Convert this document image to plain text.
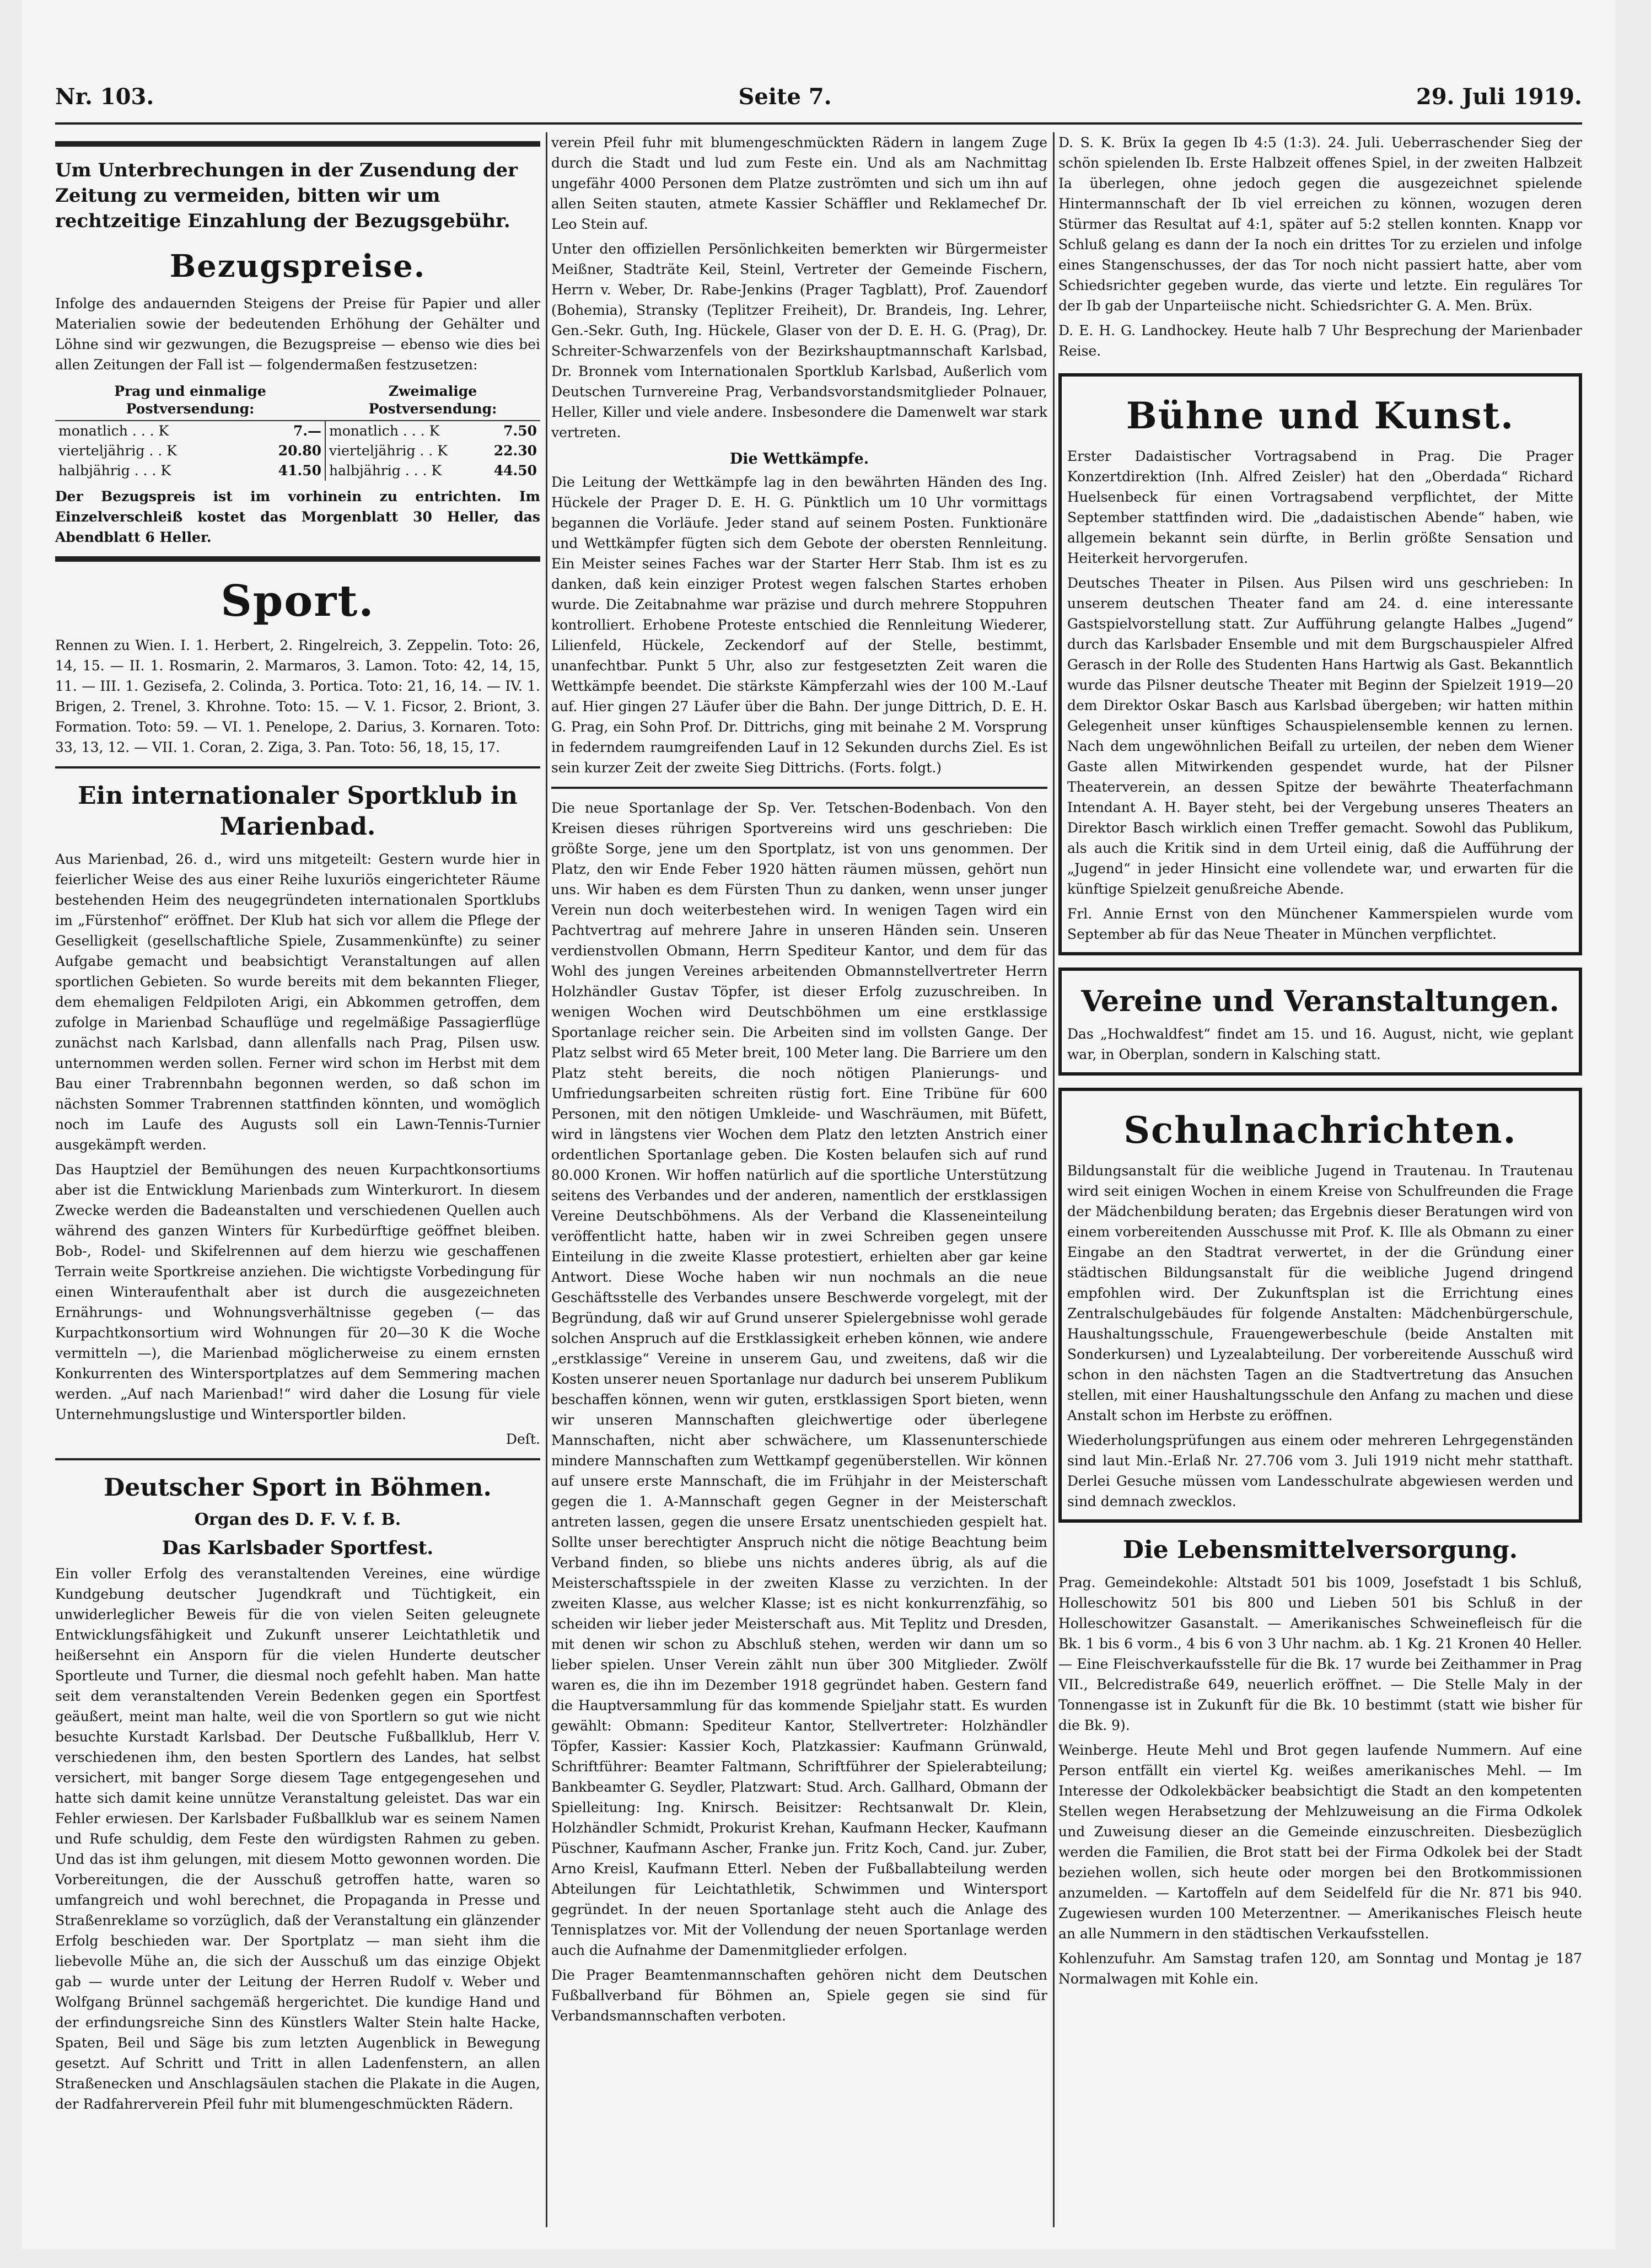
Nr. 103.	Seite 7.	29. Juli 1919.
Um Unterbrechungen in der Zusendung der Zeitung zu vermeiden, bitten wir um rechtzeitige Einzahlung der Bezugsgebühr.
Bezugspreise.

Infolge des andauernden Steigens der Preise für Papier und aller Materialien sowie der bedeutenden Erhöhung der Gehälter und Löhne sind wir gezwungen, die Bezugspreise — ebenso wie dies bei allen Zeitungen der Fall ist — folgendermaßen festzusetzen:

Prag und einmalige Postversendung:		Zweimalige Postversendung:	
monatlich . . . K	7.—	monatlich . . . K	7.50
vierteljährig . . K	20.80	vierteljährig . . K	22.30
halbjährig . . . K	41.50	halbjährig . . . K	44.50

Der Bezugspreis ist im vorhinein zu entrichten. Im Einzelverschleiß kostet das Morgenblatt 30 Heller, das Abendblatt 6 Heller.

Sport.

Rennen zu Wien. I. 1. Herbert, 2. Ringelreich, 3. Zeppelin. Toto: 26, 14, 15. — II. 1. Rosmarin, 2. Marmaros, 3. Lamon. Toto: 42, 14, 15, 11. — III. 1. Gezisefa, 2. Colinda, 3. Portica. Toto: 21, 16, 14. — IV. 1. Brigen, 2. Trenel, 3. Khrohne. Toto: 15. — V. 1. Ficsor, 2. Briont, 3. Formation. Toto: 59. — VI. 1. Penelope, 2. Darius, 3. Kornaren. Toto: 33, 13, 12. — VII. 1. Coran, 2. Ziga, 3. Pan. Toto: 56, 18, 15, 17.

Ein internationaler Sportklub in Marienbad.

Aus Marienbad, 26. d., wird uns mitgeteilt: Gestern wurde hier in feierlicher Weise des aus einer Reihe luxuriös eingerichteter Räume bestehenden Heim des neugegründeten internationalen Sportklubs im „Fürstenhof“ eröffnet. Der Klub hat sich vor allem die Pflege der Geselligkeit (gesellschaftliche Spiele, Zusammenkünfte) zu seiner Aufgabe gemacht und beabsichtigt Veranstaltungen auf allen sportlichen Gebieten. So wurde bereits mit dem bekannten Flieger, dem ehemaligen Feldpiloten Arigi, ein Abkommen getroffen, dem zufolge in Marienbad Schauflüge und regelmäßige Passagierflüge zunächst nach Karlsbad, dann allenfalls nach Prag, Pilsen usw. unternommen werden sollen. Ferner wird schon im Herbst mit dem Bau einer Trabrennbahn begonnen werden, so daß schon im nächsten Sommer Trabrennen stattfinden könnten, und womöglich noch im Laufe des Augusts soll ein Lawn-Tennis-Turnier ausgekämpft werden.

Das Hauptziel der Bemühungen des neuen Kurpachtkonsortiums aber ist die Entwicklung Marienbads zum Winterkurort. In diesem Zwecke werden die Badeanstalten und verschiedenen Quellen auch während des ganzen Winters für Kurbedürftige geöffnet bleiben. Bob-, Rodel- und Skifelrennen auf dem hierzu wie geschaffenen Terrain weite Sportkreise anziehen. Die wichtigste Vorbedingung für einen Winteraufenthalt aber ist durch die ausgezeichneten Ernährungs- und Wohnungsverhältnisse gegeben (— das Kurpachtkonsortium wird Wohnungen für 20—30 K die Woche vermitteln —), die Marienbad möglicherweise zu einem ernsten Konkurrenten des Wintersportplatzes auf dem Semmering machen werden. „Auf nach Marienbad!“ wird daher die Losung für viele Unternehmungslustige und Wintersportler bilden.

Deſt.

Deutscher Sport in Böhmen.
Organ des D. F. V. f. B.
Das Karlsbader Sportfest.

Ein voller Erfolg des veranstaltenden Vereines, eine würdige Kundgebung deutscher Jugendkraft und Tüchtigkeit, ein unwiderleglicher Beweis für die von vielen Seiten geleugnete Entwicklungsfähigkeit und Zukunft unserer Leichtathletik und heißersehnt ein Ansporn für die vielen Hunderte deutscher Sportleute und Turner, die diesmal noch gefehlt haben. Man hatte seit dem veranstaltenden Verein Bedenken gegen ein Sportfest geäußert, meint man halte, weil die von Sportlern so gut wie nicht besuchte Kurstadt Karlsbad. Der Deutsche Fußballklub, Herr V. verschiedenen ihm, den besten Sportlern des Landes, hat selbst versichert, mit banger Sorge diesem Tage entgegengesehen und hatte sich damit keine unnütze Veranstaltung geleistet. Das war ein Fehler erwiesen. Der Karlsbader Fußballklub war es seinem Namen und Rufe schuldig, dem Feste den würdigsten Rahmen zu geben. Und das ist ihm gelungen, mit diesem Motto gewonnen worden. Die Vorbereitungen, die der Ausschuß getroffen hatte, waren so umfangreich und wohl berechnet, die Propaganda in Presse und Straßenreklame so vorzüglich, daß der Veranstaltung ein glänzender Erfolg beschieden war. Der Sportplatz — man sieht ihm die liebevolle Mühe an, die sich der Ausschuß um das einzige Objekt gab — wurde unter der Leitung der Herren Rudolf v. Weber und Wolfgang Brünnel sachgemäß hergerichtet. Die kundige Hand und der erfindungsreiche Sinn des Künstlers Walter Stein halte Hacke, Spaten, Beil und Säge bis zum letzten Augenblick in Bewegung gesetzt. Auf Schritt und Tritt in allen Ladenfenstern, an allen Straßenecken und Anschlagsäulen stachen die Plakate in die Augen, der Radfahrerverein Pfeil fuhr mit blumengeschmückten Rädern.

verein Pfeil fuhr mit blumengeschmückten Rädern in langem Zuge durch die Stadt und lud zum Feste ein. Und als am Nachmittag ungefähr 4000 Personen dem Platze zuströmten und sich um ihn auf allen Seiten stauten, atmete Kassier Schäffler und Reklamechef Dr. Leo Stein auf.

Unter den offiziellen Persönlichkeiten bemerkten wir Bürgermeister Meißner, Stadträte Keil, Steinl, Vertreter der Gemeinde Fischern, Herrn v. Weber, Dr. Rabe-Jenkins (Prager Tagblatt), Prof. Zauendorf (Bohemia), Stransky (Teplitzer Freiheit), Dr. Brandeis, Ing. Lehrer, Gen.-Sekr. Guth, Ing. Hückele, Glaser von der D. E. H. G. (Prag), Dr. Schreiter-Schwarzenfels von der Bezirkshauptmannschaft Karlsbad, Dr. Bronnek vom Internationalen Sportklub Karlsbad, Außerlich vom Deutschen Turnvereine Prag, Verbandsvorstandsmitglieder Polnauer, Heller, Killer und viele andere. Insbesondere die Damenwelt war stark vertreten.

Die Wettkämpfe.

Die Leitung der Wettkämpfe lag in den bewährten Händen des Ing. Hückele der Prager D. E. H. G. Pünktlich um 10 Uhr vormittags begannen die Vorläufe. Jeder stand auf seinem Posten. Funktionäre und Wettkämpfer fügten sich dem Gebote der obersten Rennleitung. Ein Meister seines Faches war der Starter Herr Stab. Ihm ist es zu danken, daß kein einziger Protest wegen falschen Startes erhoben wurde. Die Zeitabnahme war präzise und durch mehrere Stoppuhren kontrolliert. Erhobene Proteste entschied die Rennleitung Wiederer, Lilienfeld, Hückele, Zeckendorf auf der Stelle, bestimmt, unanfechtbar. Punkt 5 Uhr, also zur festgesetzten Zeit waren die Wettkämpfe beendet. Die stärkste Kämpferzahl wies der 100 M.-Lauf auf. Hier gingen 27 Läufer über die Bahn. Der junge Dittrich, D. E. H. G. Prag, ein Sohn Prof. Dr. Dittrichs, ging mit beinahe 2 M. Vorsprung in federndem raumgreifenden Lauf in 12 Sekunden durchs Ziel. Es ist sein kurzer Zeit der zweite Sieg Dittrichs. (Forts. folgt.)

Die neue Sportanlage der Sp. Ver. Tetschen-Bodenbach. Von den Kreisen dieses rührigen Sportvereins wird uns geschrieben: Die größte Sorge, jene um den Sportplatz, ist von uns genommen. Der Platz, den wir Ende Feber 1920 hätten räumen müssen, gehört nun uns. Wir haben es dem Fürsten Thun zu danken, wenn unser junger Verein nun doch weiterbestehen wird. In wenigen Tagen wird ein Pachtvertrag auf mehrere Jahre in unseren Händen sein. Unseren verdienstvollen Obmann, Herrn Spediteur Kantor, und dem für das Wohl des jungen Vereines arbeitenden Obmannstellvertreter Herrn Holzhändler Gustav Töpfer, ist dieser Erfolg zuzuschreiben. In wenigen Wochen wird Deutschböhmen um eine erstklassige Sportanlage reicher sein. Die Arbeiten sind im vollsten Gange. Der Platz selbst wird 65 Meter breit, 100 Meter lang. Die Barriere um den Platz steht bereits, die noch nötigen Planierungs- und Umfriedungsarbeiten schreiten rüstig fort. Eine Tribüne für 600 Personen, mit den nötigen Umkleide- und Waschräumen, mit Büfett, wird in längstens vier Wochen dem Platz den letzten Anstrich einer ordentlichen Sportanlage geben. Die Kosten belaufen sich auf rund 80.000 Kronen. Wir hoffen natürlich auf die sportliche Unterstützung seitens des Verbandes und der anderen, namentlich der erstklassigen Vereine Deutschböhmens. Als der Verband die Klasseneinteilung veröffentlicht hatte, haben wir in zwei Schreiben gegen unsere Einteilung in die zweite Klasse protestiert, erhielten aber gar keine Antwort. Diese Woche haben wir nun nochmals an die neue Geschäftsstelle des Verbandes unsere Beschwerde vorgelegt, mit der Begründung, daß wir auf Grund unserer Spielergebnisse wohl gerade solchen Anspruch auf die Erstklassigkeit erheben können, wie andere „erstklassige“ Vereine in unserem Gau, und zweitens, daß wir die Kosten unserer neuen Sportanlage nur dadurch bei unserem Publikum beschaffen können, wenn wir guten, erstklassigen Sport bieten, wenn wir unseren Mannschaften gleichwertige oder überlegene Mannschaften, nicht aber schwächere, um Klassenunterschiede mindere Mannschaften zum Wettkampf gegenüberstellen. Wir können auf unsere erste Mannschaft, die im Frühjahr in der Meisterschaft gegen die 1. A-Mannschaft gegen Gegner in der Meisterschaft antreten lassen, gegen die unsere Ersatz unentschieden gespielt hat. Sollte unser berechtigter Anspruch nicht die nötige Beachtung beim Verband finden, so bliebe uns nichts anderes übrig, als auf die Meisterschaftsspiele in der zweiten Klasse zu verzichten. In der zweiten Klasse, aus welcher Klasse; ist es nicht konkurrenzfähig, so scheiden wir lieber jeder Meisterschaft aus. Mit Teplitz und Dresden, mit denen wir schon zu Abschluß stehen, werden wir dann um so lieber spielen. Unser Verein zählt nun über 300 Mitglieder. Zwölf waren es, die ihn im Dezember 1918 gegründet haben. Gestern fand die Hauptversammlung für das kommende Spieljahr statt. Es wurden gewählt: Obmann: Spediteur Kantor, Stellvertreter: Holzhändler Töpfer, Kassier: Kassier Koch, Platzkassier: Kaufmann Grünwald, Schriftführer: Beamter Faltmann, Schriftführer der Spielerabteilung; Bankbeamter G. Seydler, Platzwart: Stud. Arch. Gallhard, Obmann der Spielleitung: Ing. Knirsch. Beisitzer: Rechtsanwalt Dr. Klein, Holzhändler Schmidt, Prokurist Krehan, Kaufmann Hecker, Kaufmann Püschner, Kaufmann Ascher, Franke jun. Fritz Koch, Cand. jur. Zuber, Arno Kreisl, Kaufmann Etterl. Neben der Fußballabteilung werden Abteilungen für Leichtathletik, Schwimmen und Wintersport gegründet. In der neuen Sportanlage steht auch die Anlage des Tennisplatzes vor. Mit der Vollendung der neuen Sportanlage werden auch die Aufnahme der Damenmitglieder erfolgen.

Die Prager Beamtenmannschaften gehören nicht dem Deutschen Fußballverband für Böhmen an, Spiele gegen sie sind für Verbandsmannschaften verboten.

D. S. K. Brüx Ia gegen Ib 4:5 (1:3). 24. Juli. Ueberraschender Sieg der schön spielenden Ib. Erste Halbzeit offenes Spiel, in der zweiten Halbzeit Ia überlegen, ohne jedoch gegen die ausgezeichnet spielende Hintermannschaft der Ib viel erreichen zu können, wozugen deren Stürmer das Resultat auf 4:1, später auf 5:2 stellen konnten. Knapp vor Schluß gelang es dann der Ia noch ein drittes Tor zu erzielen und infolge eines Stangenschusses, der das Tor noch nicht passiert hatte, aber vom Schiedsrichter gegeben wurde, das vierte und letzte. Ein reguläres Tor der Ib gab der Unparteiische nicht. Schiedsrichter G. A. Men. Brüx.

D. E. H. G. Landhockey. Heute halb 7 Uhr Besprechung der Marienbader Reise.

Bühne und Kunst.

Erster Dadaistischer Vortragsabend in Prag. Die Prager Konzertdirektion (Inh. Alfred Zeisler) hat den „Oberdada“ Richard Huelsenbeck für einen Vortragsabend verpflichtet, der Mitte September stattfinden wird. Die „dadaistischen Abende“ haben, wie allgemein bekannt sein dürfte, in Berlin größte Sensation und Heiterkeit hervorgerufen.

Deutsches Theater in Pilsen. Aus Pilsen wird uns geschrieben: In unserem deutschen Theater fand am 24. d. eine interessante Gastspielvorstellung statt. Zur Aufführung gelangte Halbes „Jugend“ durch das Karlsbader Ensemble und mit dem Burgschauspieler Alfred Gerasch in der Rolle des Studenten Hans Hartwig als Gast. Bekanntlich wurde das Pilsner deutsche Theater mit Beginn der Spielzeit 1919—20 dem Direktor Oskar Basch aus Karlsbad übergeben; wir hatten mithin Gelegenheit unser künftiges Schauspielensemble kennen zu lernen. Nach dem ungewöhnlichen Beifall zu urteilen, der neben dem Wiener Gaste allen Mitwirkenden gespendet wurde, hat der Pilsner Theaterverein, an dessen Spitze der bewährte Theaterfachmann Intendant A. H. Bayer steht, bei der Vergebung unseres Theaters an Direktor Basch wirklich einen Treffer gemacht. Sowohl das Publikum, als auch die Kritik sind in dem Urteil einig, daß die Aufführung der „Jugend“ in jeder Hinsicht eine vollendete war, und erwarten für die künftige Spielzeit genußreiche Abende.

Frl. Annie Ernst von den Münchener Kammerspielen wurde vom September ab für das Neue Theater in München verpflichtet.

Vereine und Veranstaltungen.

Das „Hochwaldfest“ findet am 15. und 16. August, nicht, wie geplant war, in Oberplan, sondern in Kalsching statt.

Schulnachrichten.

Bildungsanstalt für die weibliche Jugend in Trautenau. In Trautenau wird seit einigen Wochen in einem Kreise von Schulfreunden die Frage der Mädchenbildung beraten; das Ergebnis dieser Beratungen wird von einem vorbereitenden Ausschusse mit Prof. K. Ille als Obmann zu einer Eingabe an den Stadtrat verwertet, in der die Gründung einer städtischen Bildungsanstalt für die weibliche Jugend dringend empfohlen wird. Der Zukunftsplan ist die Errichtung eines Zentralschulgebäudes für folgende Anstalten: Mädchenbürgerschule, Haushaltungsschule, Frauengewerbeschule (beide Anstalten mit Sonderkursen) und Lyzealabteilung. Der vorbereitende Ausschuß wird schon in den nächsten Tagen an die Stadtvertretung das Ansuchen stellen, mit einer Haushaltungsschule den Anfang zu machen und diese Anstalt schon im Herbste zu eröffnen.

Wiederholungsprüfungen aus einem oder mehreren Lehrgegenständen sind laut Min.-Erlaß Nr. 27.706 vom 3. Juli 1919 nicht mehr statthaft. Derlei Gesuche müssen vom Landesschulrate abgewiesen werden und sind demnach zwecklos.

Die Lebensmittelversorgung.

Prag. Gemeindekohle: Altstadt 501 bis 1009, Josefstadt 1 bis Schluß, Holleschowitz 501 bis 800 und Lieben 501 bis Schluß in der Holleschowitzer Gasanstalt. — Amerikanisches Schweinefleisch für die Bk. 1 bis 6 vorm., 4 bis 6 von 3 Uhr nachm. ab. 1 Kg. 21 Kronen 40 Heller. — Eine Fleischverkaufsstelle für die Bk. 17 wurde bei Zeithammer in Prag VII., Belcredistraße 649, neuerlich eröffnet. — Die Stelle Maly in der Tonnengasse ist in Zukunft für die Bk. 10 bestimmt (statt wie bisher für die Bk. 9).

Weinberge. Heute Mehl und Brot gegen laufende Nummern. Auf eine Person entfällt ein viertel Kg. weißes amerikanisches Mehl. — Im Interesse der Odkolekbäcker beabsichtigt die Stadt an den kompetenten Stellen wegen Herabsetzung der Mehlzuweisung an die Firma Odkolek und Zuweisung dieser an die Gemeinde einzuschreiten. Diesbezüglich werden die Familien, die Brot statt bei der Firma Odkolek bei der Stadt beziehen wollen, sich heute oder morgen bei den Brotkommissionen anzumelden. — Kartoffeln auf dem Seidelfeld für die Nr. 871 bis 940. Zugewiesen wurden 100 Meterzentner. — Amerikanisches Fleisch heute an alle Nummern in den städtischen Verkaufsstellen.

Kohlenzufuhr. Am Samstag trafen 120, am Sonntag und Montag je 187 Normalwagen mit Kohle ein.
